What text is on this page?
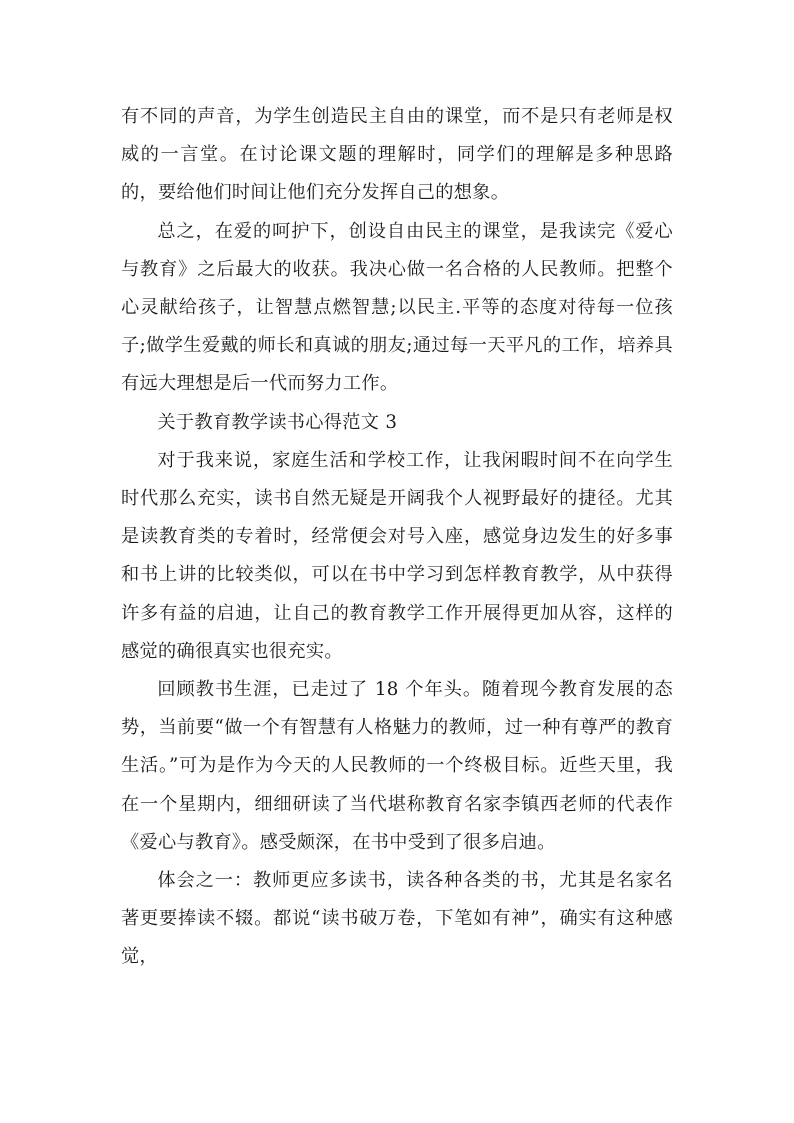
有不同的声音，为学生创造民主自由的课堂，而不是只有老师是权威的一言堂。在讨论课文题的理解时，同学们的理解是多种思路的，要给他们时间让他们充分发挥自己的想象。

总之，在爱的呵护下，创设自由民主的课堂，是我读完《爱心与教育》之后最大的收获。我决心做一名合格的人民教师。把整个心灵献给孩子，让智慧点燃智慧;以民主.平等的态度对待每一位孩子;做学生爱戴的师长和真诚的朋友;通过每一天平凡的工作，培养具有远大理想是后一代而努力工作。

关于教育教学读书心得范文 3

对于我来说，家庭生活和学校工作，让我闲暇时间不在向学生时代那么充实，读书自然无疑是开阔我个人视野最好的捷径。尤其是读教育类的专着时，经常便会对号入座，感觉身边发生的好多事和书上讲的比较类似，可以在书中学习到怎样教育教学，从中获得许多有益的启迪，让自己的教育教学工作开展得更加从容，这样的感觉的确很真实也很充实。

回顾教书生涯，已走过了 18 个年头。随着现今教育发展的态势，当前要“做一个有智慧有人格魅力的教师，过一种有尊严的教育生活。”可为是作为今天的人民教师的一个终极目标。近些天里，我在一个星期内，细细研读了当代堪称教育名家李镇西老师的代表作《爱心与教育》。感受颇深，在书中受到了很多启迪。

体会之一：教师更应多读书，读各种各类的书，尤其是名家名著更要捧读不辍。都说“读书破万卷，下笔如有神”，确实有这种感觉，
